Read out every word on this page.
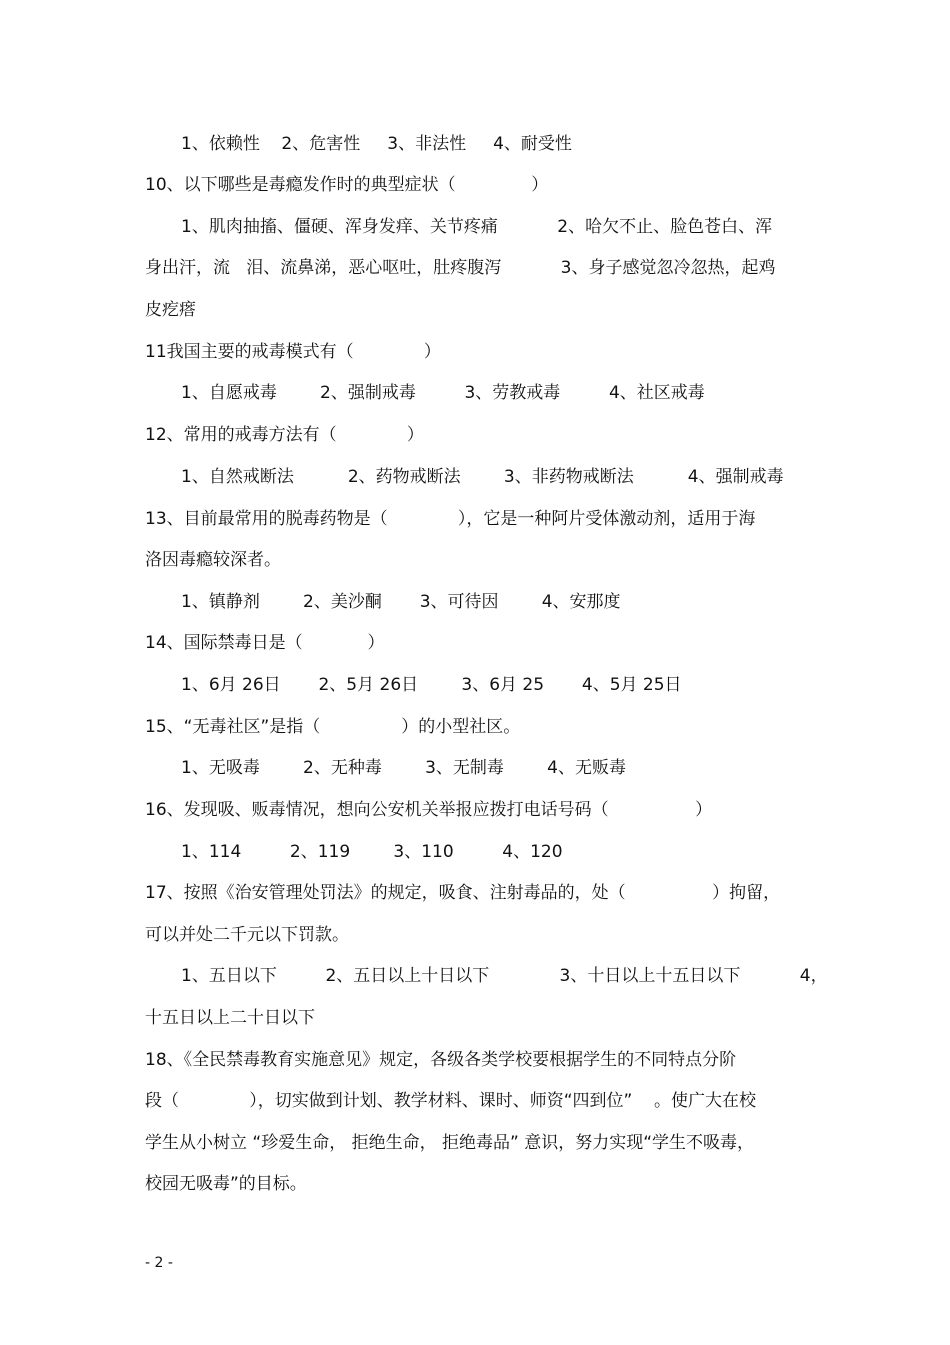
1、依赖性    2、危害性     3、非法性     4、耐受性
10、以下哪些是毒瘾发作时的典型症状（              ）
1、肌肉抽搐、僵硬、浑身发痒、关节疼痛           2、哈欠不止、脸色苍白、浑
身出汗，流   泪、流鼻涕，恶心呕吐，肚疼腹泻           3、身子感觉忽冷忽热，起鸡
皮疙瘩
11我国主要的戒毒模式有（             ）
1、自愿戒毒        2、强制戒毒         3、劳教戒毒         4、社区戒毒
12、常用的戒毒方法有（             ）
1、自然戒断法          2、药物戒断法        3、非药物戒断法          4、强制戒毒
13、目前最常用的脱毒药物是（             ），它是一种阿片受体激动剂，适用于海
洛因毒瘾较深者。
1、镇静剂        2、美沙酮       3、可待因        4、安那度
14、国际禁毒日是（            ）
1、6月 26日       2、5月 26日        3、6月 25       4、5月 25日
15、“无毒社区”是指（               ）的小型社区。
1、无吸毒        2、无种毒        3、无制毒        4、无贩毒
16、发现吸、贩毒情况，想向公安机关举报应拨打电话号码（                ）
1、114         2、119        3、110         4、120
17、按照《治安管理处罚法》的规定，吸食、注射毒品的，处（                ）拘留，
可以并处二千元以下罚款。
1、五日以下         2、五日以上十日以下             3、十日以上十五日以下           4，
十五日以上二十日以下
18、《全民禁毒教育实施意见》规定，各级各类学校要根据学生的不同特点分阶
段（             ），切实做到计划、教学材料、课时、师资“四到位”    。使广大在校
学生从小树立 “珍爱生命， 拒绝生命， 拒绝毒品” 意识，努力实现“学生不吸毒，
校园无吸毒”的目标。
- 2 -
